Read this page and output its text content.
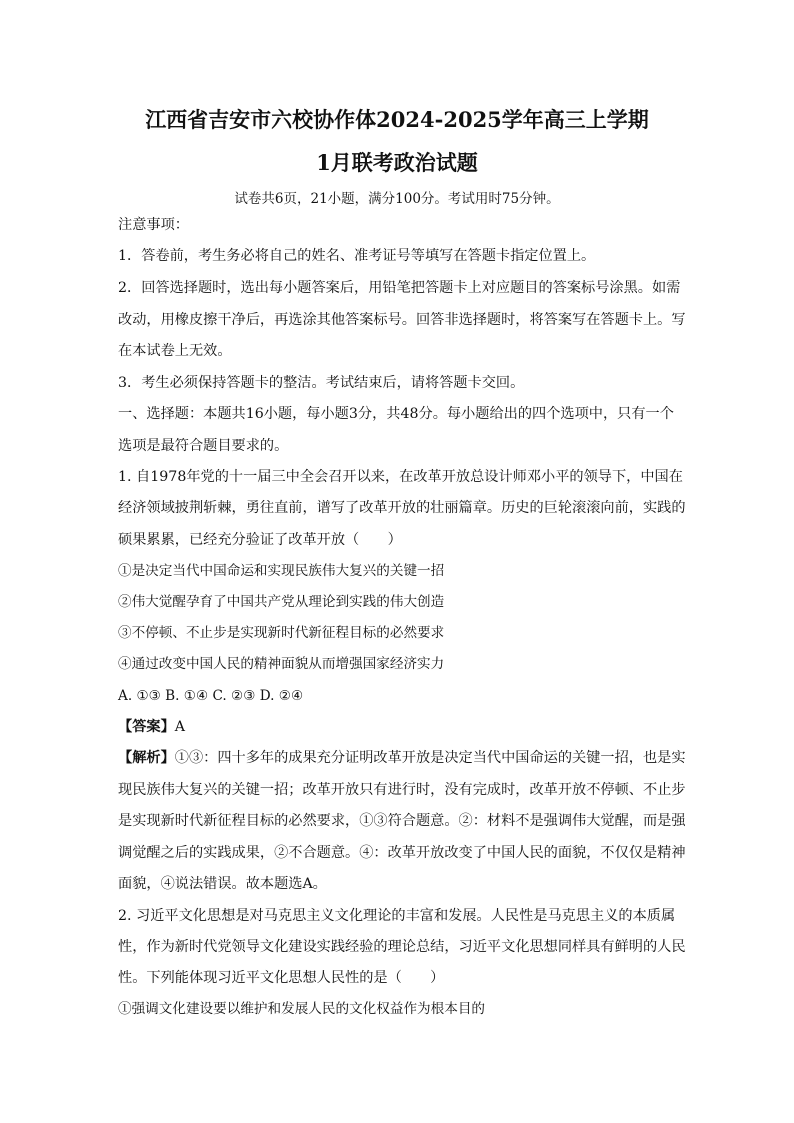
江西省吉安市六校协作体2024-2025学年高三上学期
1月联考政治试题
试卷共6页，21小题，满分100分。考试用时75分钟。
注意事项：
1．答卷前，考生务必将自己的姓名、准考证号等填写在答题卡指定位置上。
2．回答选择题时，选出每小题答案后，用铅笔把答题卡上对应题目的答案标号涂黑。如需
改动，用橡皮擦干净后，再选涂其他答案标号。回答非选择题时，将答案写在答题卡上。写
在本试卷上无效。
3．考生必须保持答题卡的整洁。考试结束后，请将答题卡交回。
一、选择题：本题共16小题，每小题3分，共48分。每小题给出的四个选项中，只有一个
选项是最符合题目要求的。
1. 自1978年党的十一届三中全会召开以来，在改革开放总设计师邓小平的领导下，中国在
经济领域披荆斩棘，勇往直前，谱写了改革开放的壮丽篇章。历史的巨轮滚滚向前，实践的
硕果累累，已经充分验证了改革开放（　　）
①是决定当代中国命运和实现民族伟大复兴的关键一招
②伟大觉醒孕育了中国共产党从理论到实践的伟大创造
③不停顿、不止步是实现新时代新征程目标的必然要求
④通过改变中国人民的精神面貌从而增强国家经济实力
A. ①③ B. ①④ C. ②③ D. ②④
【答案】A
【解析】①③：四十多年的成果充分证明改革开放是决定当代中国命运的关键一招，也是实
现民族伟大复兴的关键一招；改革开放只有进行时，没有完成时，改革开放不停顿、不止步
是实现新时代新征程目标的必然要求，①③符合题意。②：材料不是强调伟大觉醒，而是强
调觉醒之后的实践成果，②不合题意。④：改革开放改变了中国人民的面貌，不仅仅是精神
面貌，④说法错误。故本题选A。
2. 习近平文化思想是对马克思主义文化理论的丰富和发展。人民性是马克思主义的本质属
性，作为新时代党领导文化建设实践经验的理论总结，习近平文化思想同样具有鲜明的人民
性。下列能体现习近平文化思想人民性的是（　　）
①强调文化建设要以维护和发展人民的文化权益作为根本目的
